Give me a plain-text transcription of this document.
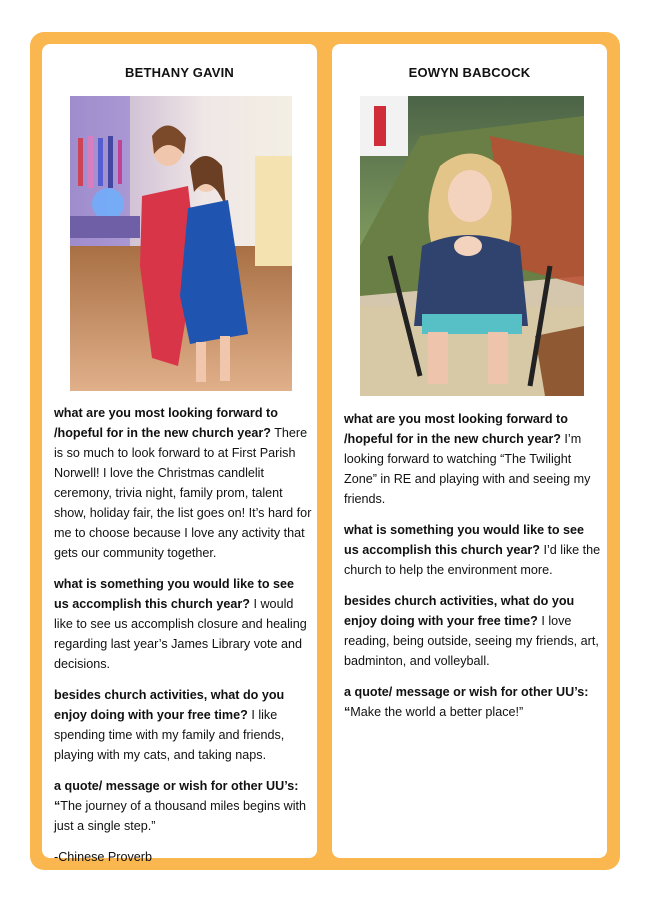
BETHANY GAVIN

what are you most looking forward to /hopeful for in the new church year? There is so much to look forward to at First Parish Norwell! I love the Christmas candlelit ceremony, trivia night, family prom, talent show, holiday fair, the list goes on! It’s hard for me to choose because I love any activity that gets our community together.

what is something you would like to see us accomplish this church year? I would like to see us accomplish closure and healing regarding last year’s James Library vote and decisions.

besides church activities, what do you enjoy doing with your free time? I like spending time with my family and friends, playing with my cats, and taking naps.

a quote/ message or wish for other UU’s:
“The journey of a thousand miles begins with just a single step.”

-Chinese Proverb

EOWYN BABCOCK

what are you most looking forward to /hopeful for in the new church year? I’m looking forward to watching “The Twilight Zone” in RE and playing with and seeing my friends.

what is something you would like to see us accomplish this church year? I’d like the church to help the environment more.

besides church activities, what do you enjoy doing with your free time? I love reading, being outside, seeing my friends, art, badminton, and volleyball.

a quote/ message or wish for other UU’s:
“Make the world a better place!”
